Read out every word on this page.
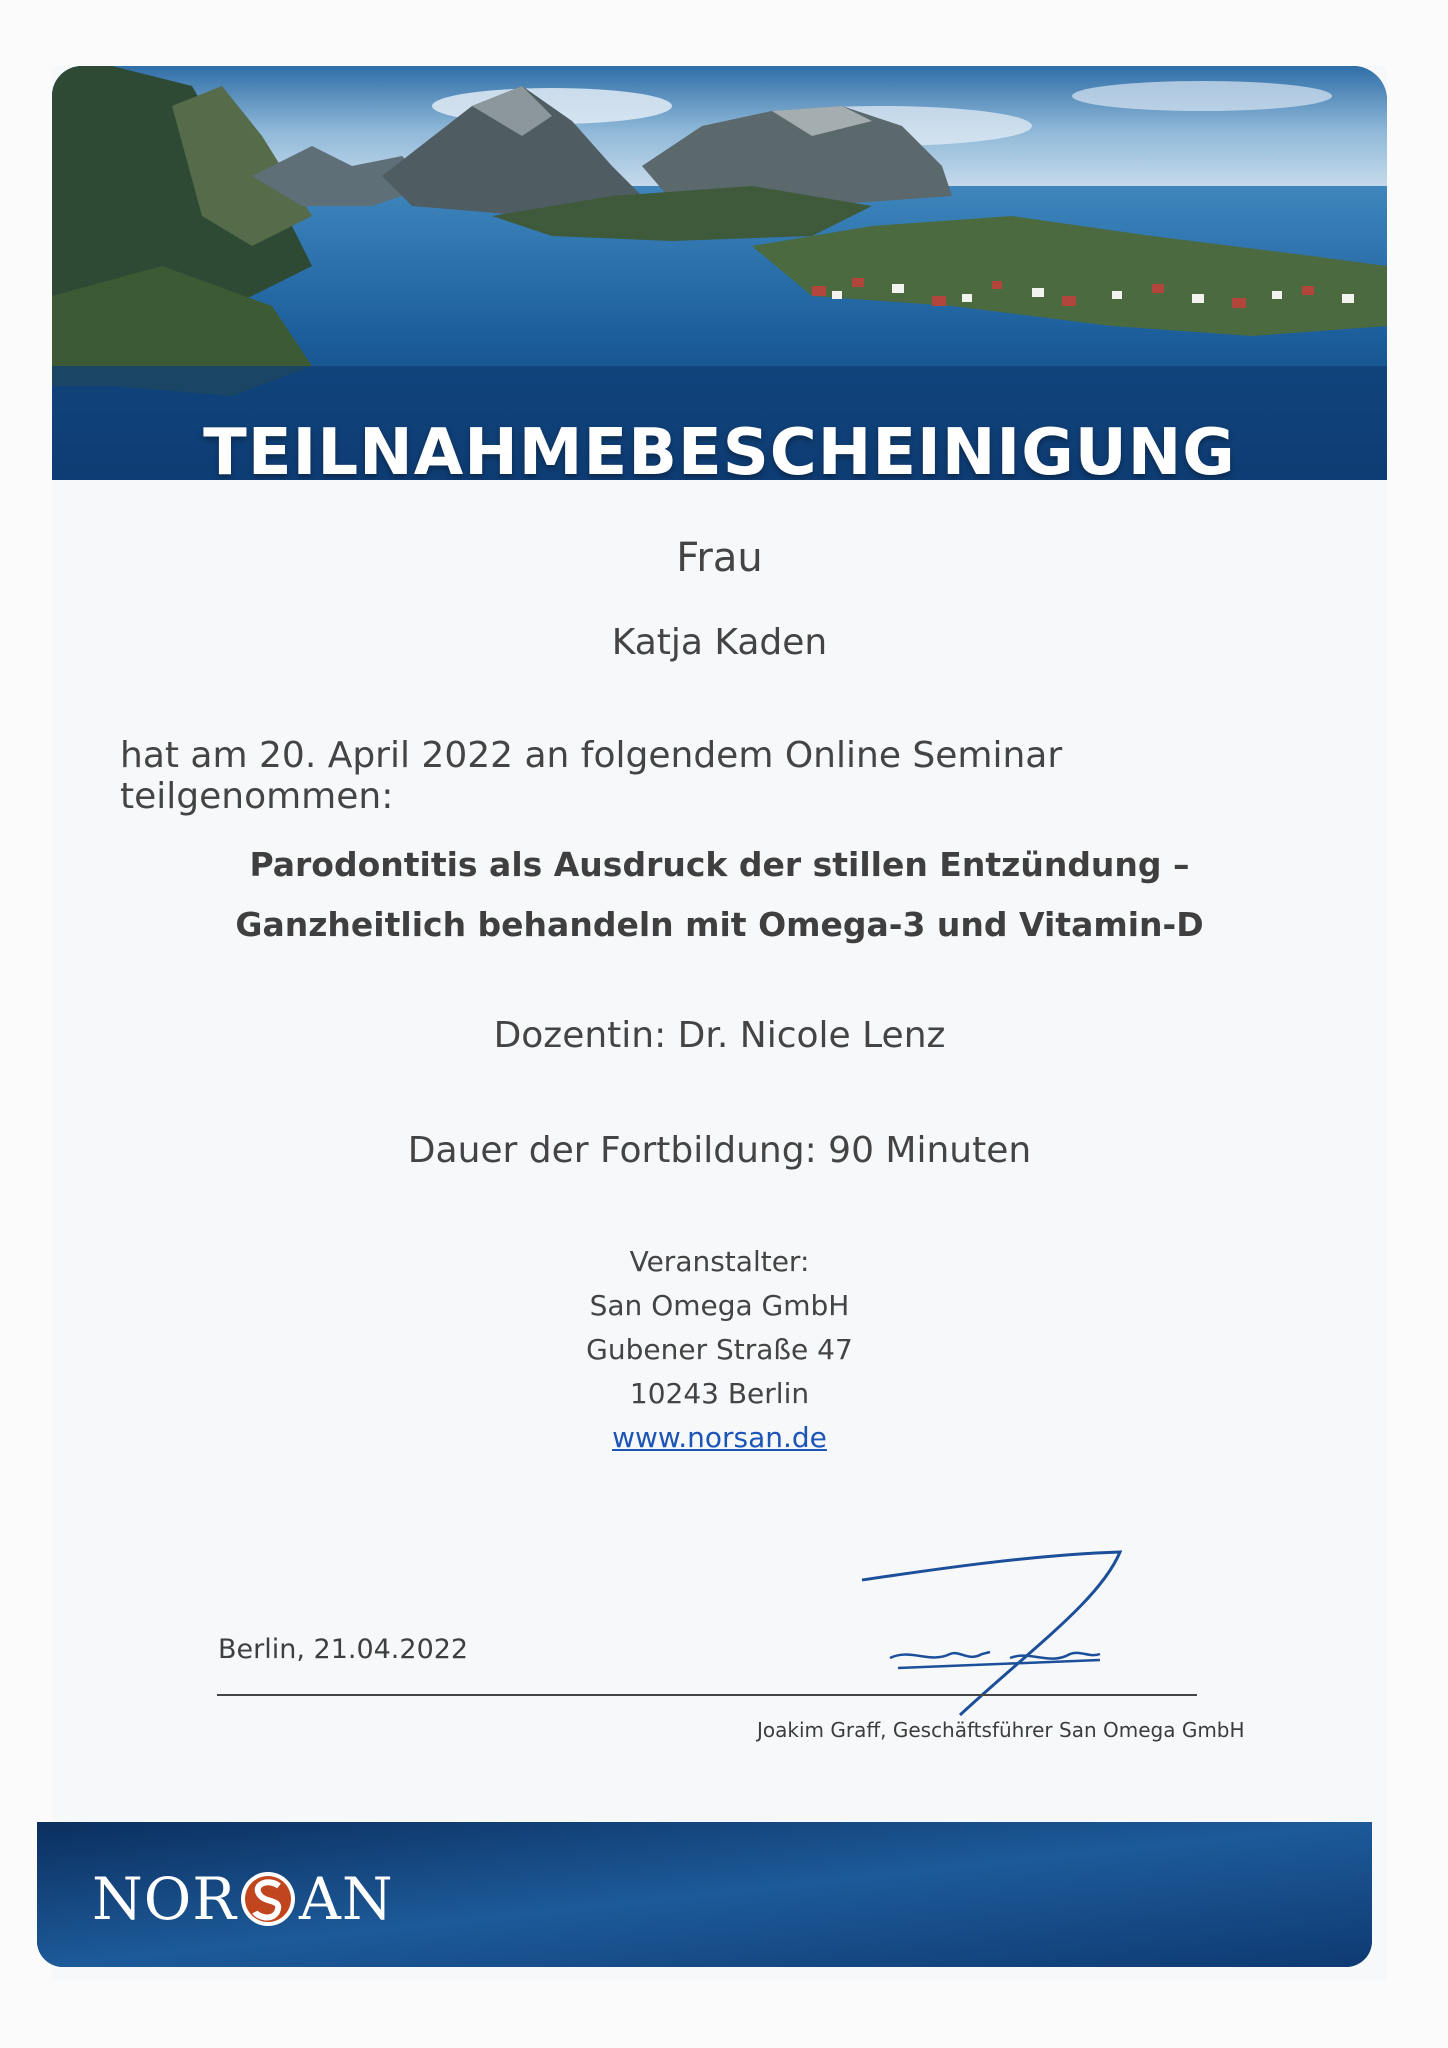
TEILNAHMEBESCHEINIGUNG
Frau
Katja Kaden
hat am 20. April 2022 an folgendem Online Seminar teilgenommen:
Parodontitis als Ausdruck der stillen Entzündung –
Ganzheitlich behandeln mit Omega-3 und Vitamin-D
Dozentin: Dr. Nicole Lenz
Dauer der Fortbildung: 90 Minuten
Veranstalter:
San Omega GmbH
Gubener Straße 47
10243 Berlin
www.norsan.de
Berlin, 21.04.2022
Joakim Graff, Geschäftsführer San Omega GmbH
NOR AN
